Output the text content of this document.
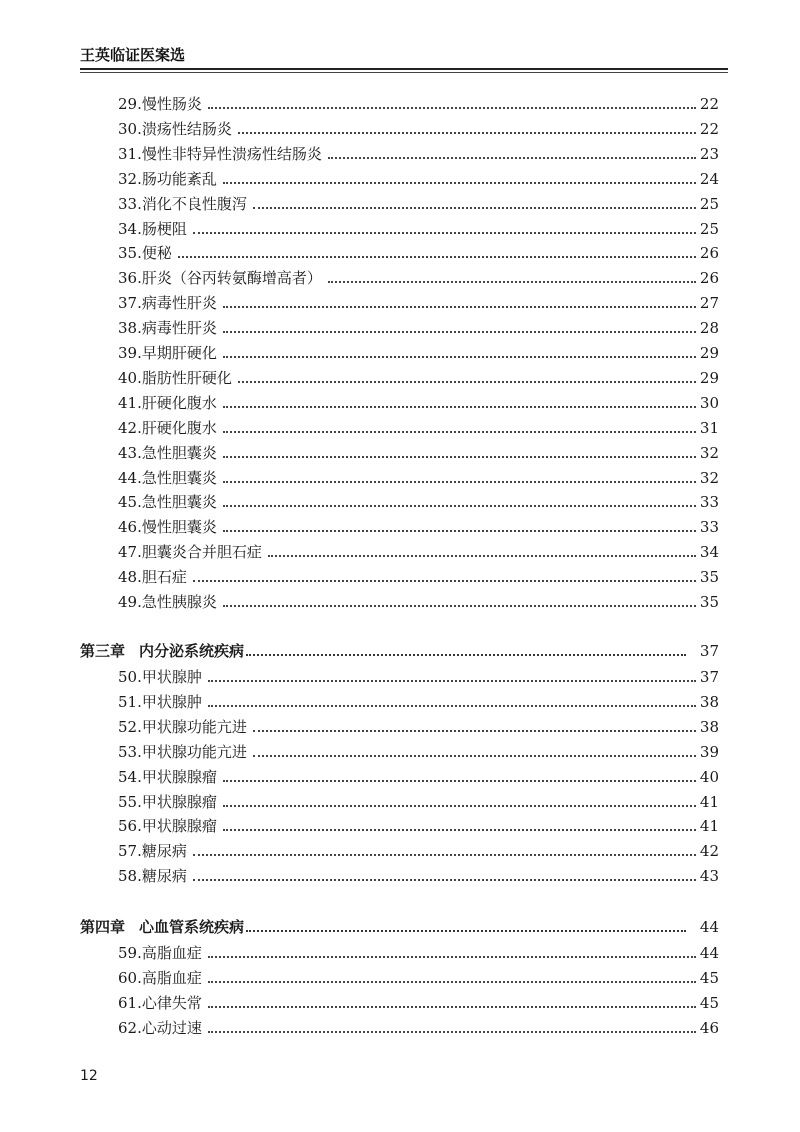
王英临证医案选
29. 慢性肠炎	22
30. 溃疡性结肠炎	22
31. 慢性非特异性溃疡性结肠炎	23
32. 肠功能紊乱	24
33. 消化不良性腹泻	25
34. 肠梗阻	25
35. 便秘	26
36. 肝炎（谷丙转氨酶增高者）	26
37. 病毒性肝炎	27
38. 病毒性肝炎	28
39. 早期肝硬化	29
40. 脂肪性肝硬化	29
41. 肝硬化腹水	30
42. 肝硬化腹水	31
43. 急性胆囊炎	32
44. 急性胆囊炎	32
45. 急性胆囊炎	33
46. 慢性胆囊炎	33
47. 胆囊炎合并胆石症	34
48. 胆石症	35
49. 急性胰腺炎	35
第三章 内分泌系统疾病	37
50. 甲状腺肿	37
51. 甲状腺肿	38
52. 甲状腺功能亢进	38
53. 甲状腺功能亢进	39
54. 甲状腺腺瘤	40
55. 甲状腺腺瘤	41
56. 甲状腺腺瘤	41
57. 糖尿病	42
58. 糖尿病	43
第四章 心血管系统疾病	44
59. 高脂血症	44
60. 高脂血症	45
61. 心律失常	45
62. 心动过速	46
12
